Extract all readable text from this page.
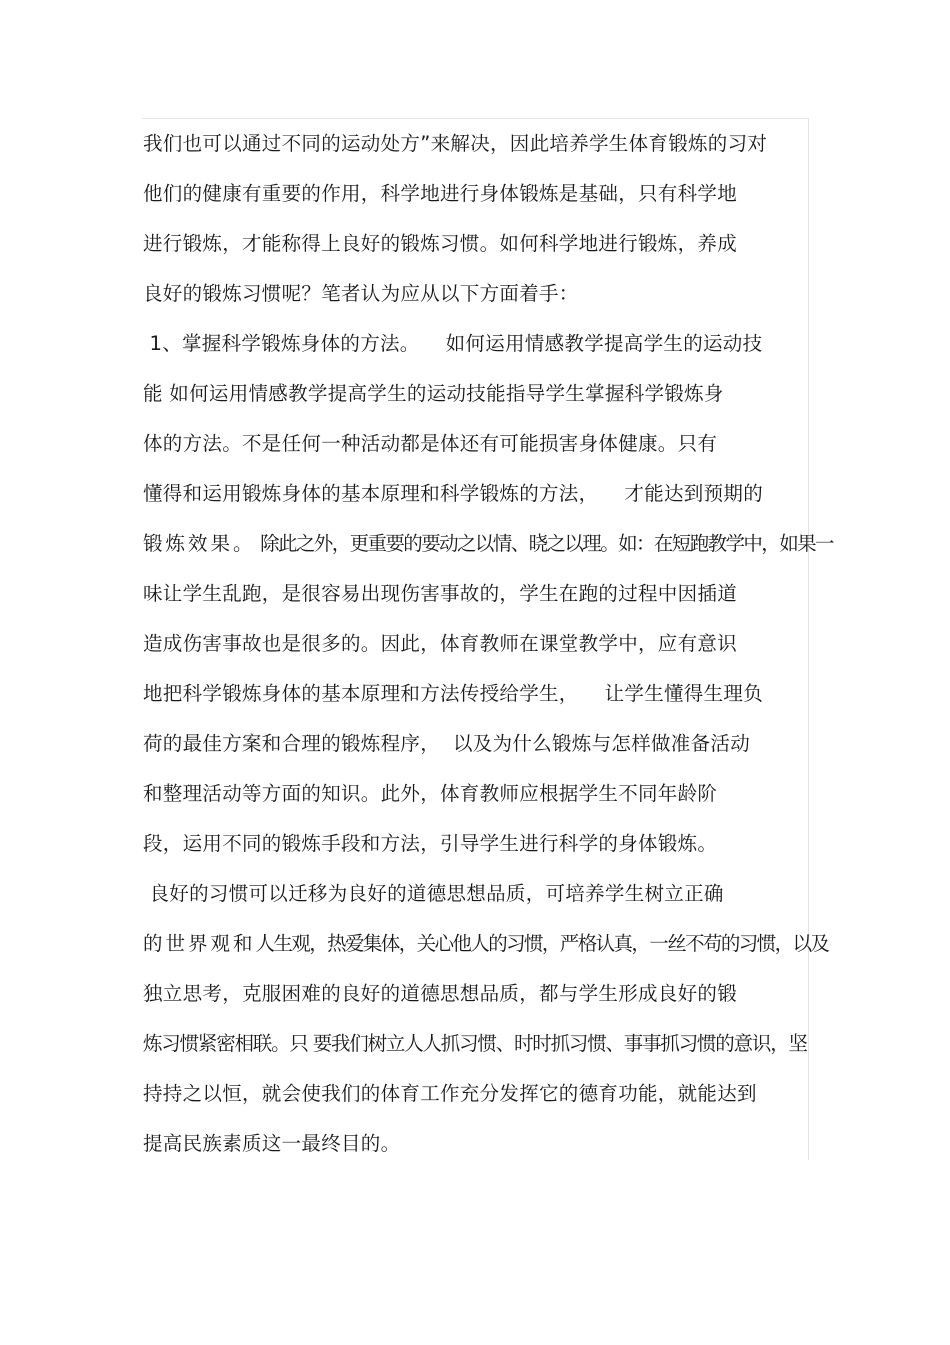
我们也可以通过不同的运动处方”来解决，因此培养学生体育锻炼的习对
他们的健康有重要的作用，科学地进行身体锻炼是基础，只有科学地
进行锻炼，才能称得上良好的锻炼习惯。如何科学地进行锻炼，养成
良好的锻炼习惯呢？笔者认为应从以下方面着手：
1、掌握科学锻炼身体的方法。    如何运用情感教学提高学生的运动技
能 如何运用情感教学提高学生的运动技能指导学生掌握科学锻炼身
体的方法。不是任何一种活动都是体还有可能损害身体健康。只有
懂得和运用锻炼身体的基本原理和科学锻炼的方法，    才能达到预期的
锻 炼 效 果 。  除此之外，更重要的要动之以情、晓之以理。如：在短跑教学中，如果一
味让学生乱跑，是很容易出现伤害事故的，学生在跑的过程中因插道
造成伤害事故也是很多的。因此，体育教师在课堂教学中，应有意识
地把科学锻炼身体的基本原理和方法传授给学生，    让学生懂得生理负
荷的最佳方案和合理的锻炼程序，  以及为什么锻炼与怎样做准备活动
和整理活动等方面的知识。此外，体育教师应根据学生不同年龄阶
段，运用不同的锻炼手段和方法，引导学生进行科学的身体锻炼。
良好的习惯可以迁移为良好的道德思想品质，可培养学生树立正确
的 世 界 观 和 人生观，热爱集体，关心他人的习惯，严格认真，一丝不苟的习惯，以及
独立思考，克服困难的良好的道德思想品质，都与学生形成良好的锻
炼习惯紧密相联。只 要我们树立人人抓习惯、时时抓习惯、事事抓习惯的意识，坚
持持之以恒，就会使我们的体育工作充分发挥它的德育功能，就能达到
提高民族素质这一最终目的。
